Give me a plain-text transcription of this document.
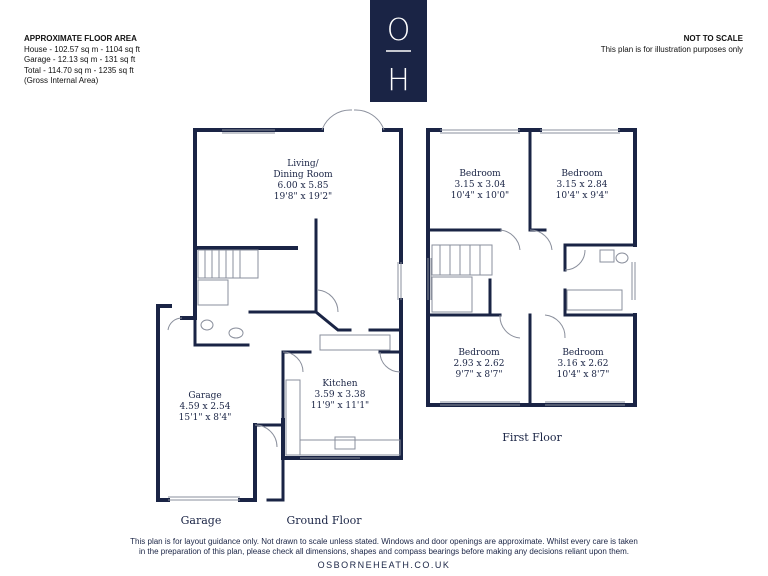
APPROXIMATE FLOOR AREA
House - 102.57 sq m - 1104 sq ft
Garage - 12.13 sq m - 131 sq ft
Total - 114.70 sq m - 1235 sq ft
(Gross Internal Area)
NOT TO SCALE
This plan is for illustration purposes only
O
H
Living/
Dining Room
6.00 x 5.85
19'8" x 19'2"
Kitchen
3.59 x 3.38
11'9" x 11'1"
Garage
4.59 x 2.54
15'1" x 8'4"
Bedroom
3.15 x 3.04
10'4" x 10'0"
Bedroom
3.15 x 2.84
10'4" x 9'4"
Bedroom
2.93 x 2.62
9'7" x 8'7"
Bedroom
3.16 x 2.62
10'4" x 8'7"
Garage	Ground Floor
First Floor
This plan is for layout guidance only. Not drawn to scale unless stated. Windows and door openings are approximate. Whilst every care is taken
in the preparation of this plan, please check all dimensions, shapes and compass bearings before making any decisions reliant upon them.
OSBORNEHEATH.CO.UK
